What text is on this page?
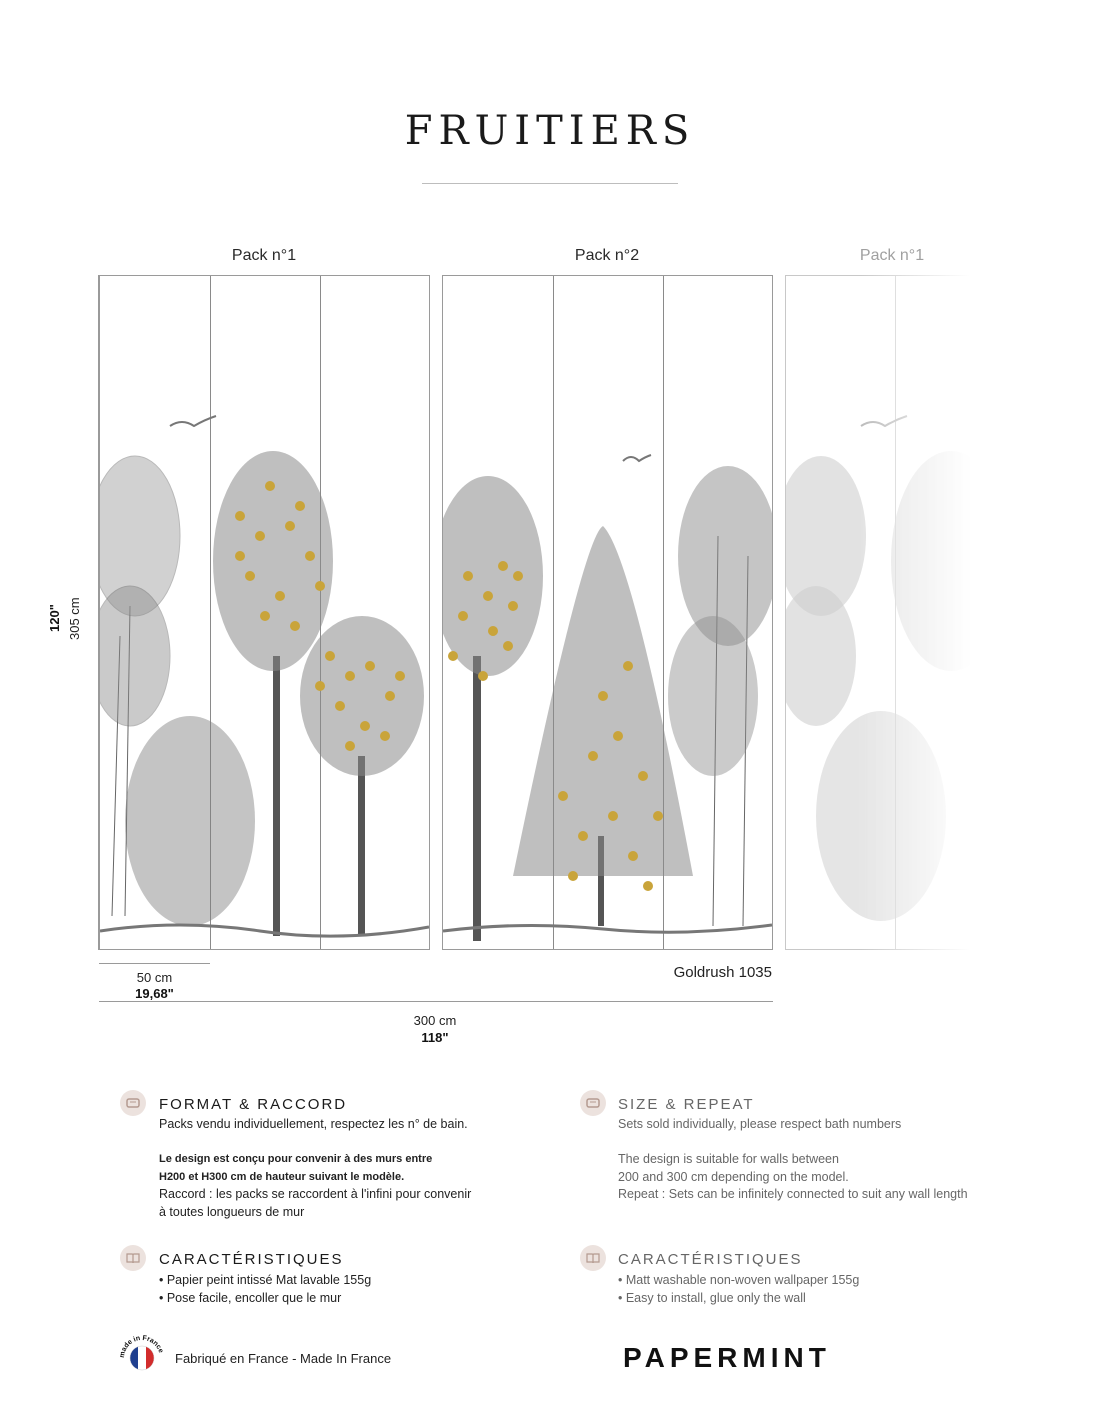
FRUITIERS
Pack n°1	Pack n°2	Pack n°1
120" 305 cm
50 cm
19,68"
Goldrush 1035
300 cm
118"
FORMAT & RACCORD
Packs vendu individuellement, respectez les n° de bain.
Le design est conçu pour convenir à des murs entre
H200 et H300 cm de hauteur suivant le modèle.
Raccord : les packs se raccordent à l'infini pour convenir
à toutes longueurs de mur
SIZE & REPEAT
Sets sold individually, please respect bath numbers
The design is suitable for walls between
200 and 300 cm depending on the model.
Repeat : Sets can be infinitely connected to suit any wall length
CARACTÉRISTIQUES
• Papier peint intissé Mat lavable 155g
• Pose facile, encoller que le mur
CARACTÉRISTIQUES
• Matt washable non-woven wallpaper 155g
• Easy to install, glue only the wall
made in France
Fabriqué en France - Made In France	PAPERMINT
